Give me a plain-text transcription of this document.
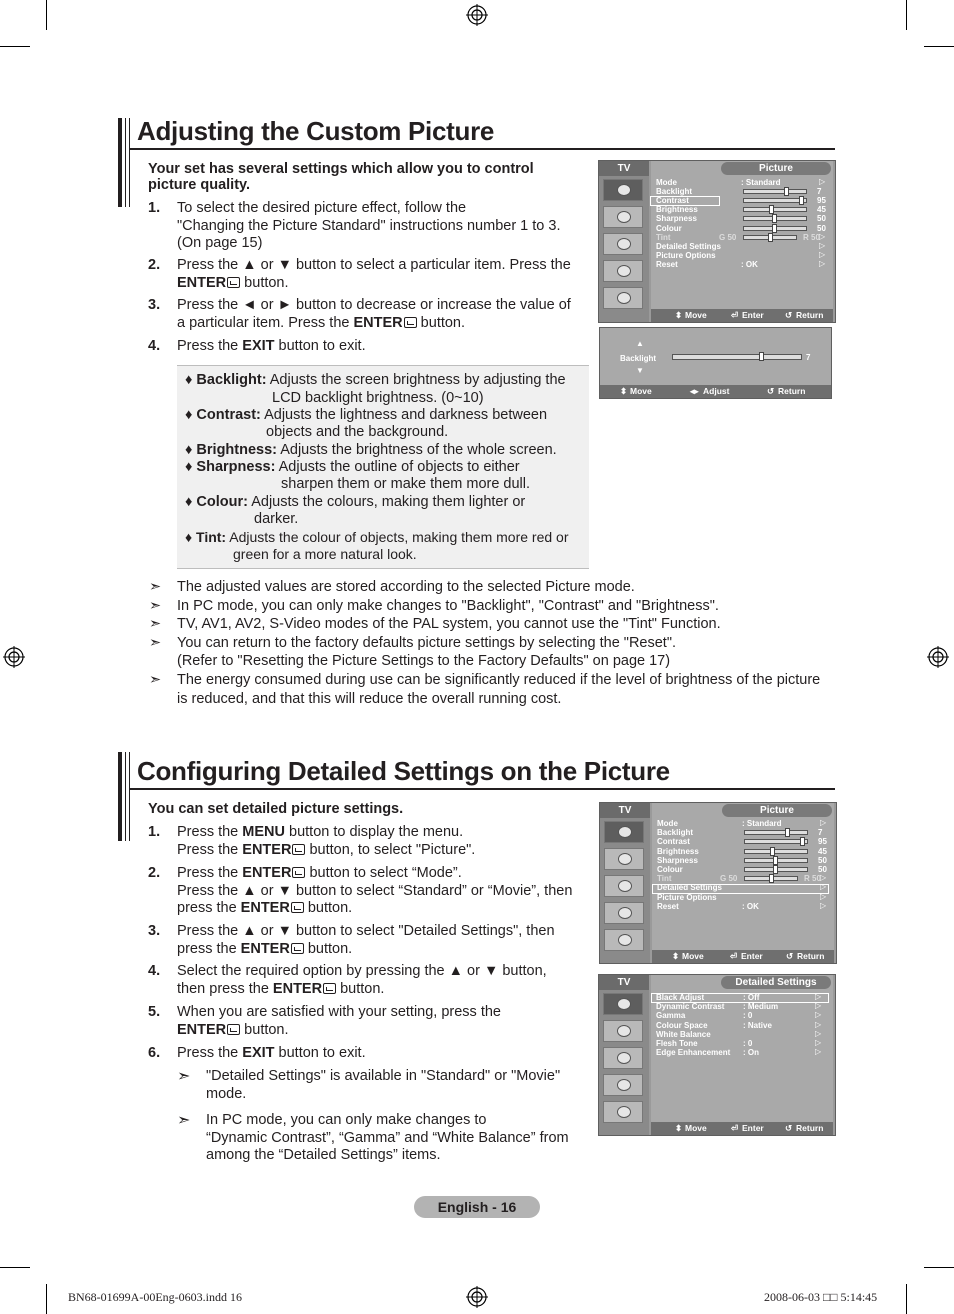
Adjusting the Custom Picture
Your set has several settings which allow you to control picture quality.
1. To select the desired picture effect, follow the
"Changing the Picture Standard" instructions number 1 to 3.
(On page 15)
2. Press the ▲ or ▼ button to select a particular item. Press the
ENTER button.
3. Press the ◄ or ► button to decrease or increase the value of
a particular item. Press the ENTER button.
4. Press the EXIT button to exit.
♦ Backlight: Adjusts the screen brightness by adjusting the
LCD backlight brightness. (0~10)
♦ Contrast: Adjusts the lightness and darkness between
objects and the background.
♦ Brightness: Adjusts the brightness of the whole screen.
♦ Sharpness: Adjusts the outline of objects to either
sharpen them or make them more dull.
♦ Colour: Adjusts the colours, making them lighter or
darker.
♦ Tint: Adjusts the colour of objects, making them more red or
green for a more natural look.
➣	The adjusted values are stored according to the selected Picture mode.
➣	In PC mode, you can only make changes to "Backlight", "Contrast" and "Brightness".
➣	TV, AV1, AV2, S-Video modes of the PAL system, you cannot use the "Tint" Function.
➣	You can return to the factory defaults picture settings by selecting the "Reset".
(Refer to "Resetting the Picture Settings to the Factory Defaults" on page 17)
➣	The energy consumed during use can be significantly reduced if the level of brightness of the picture
is reduced, and that this will reduce the overall running cost.
TV	Picture
Mode	: Standard	▷
Backlight	7
Contrast	95
Brightness	45
Sharpness	50
Colour	50
Tint	G 50	R 50 ▷
Detailed Settings	▷
Picture Options	▷
Reset	: OK	▷
⬍ Move	⏎ Enter	↺ Return
▲
Backlight
▼
7
⬍ Move	◂▸ Adjust	↺ Return
Configuring Detailed Settings on the Picture
You can set detailed picture settings.
1. Press the MENU button to display the menu.
Press the ENTER button, to select "Picture".
2. Press the ENTER button to select “Mode”.
Press the ▲ or ▼ button to select “Standard” or “Movie”, then
press the ENTER button.
3. Press the ▲ or ▼ button to select "Detailed Settings", then
press the ENTER button.
4. Select the required option by pressing the ▲ or ▼ button,
then press the ENTER button.
5. When you are satisfied with your setting, press the
ENTER button.
6. Press the EXIT button to exit.
➣	"Detailed Settings" is available in "Standard" or "Movie"
mode.
➣	In PC mode, you can only make changes to
“Dynamic Contrast”, “Gamma” and “White Balance” from
among the “Detailed Settings” items.
TV	Picture
Mode	: Standard	▷
Backlight	7
Contrast	95
Brightness	45
Sharpness	50
Colour	50
Tint	G 50	R 50 ▷
Detailed Settings	▷
Picture Options	▷
Reset	: OK	▷
⬍ Move	⏎ Enter	↺ Return
TV	Detailed Settings
Black Adjust	: Off	▷
Dynamic Contrast : Medium	▷
Gamma	: 0	▷
Colour Space	: Native	▷
White Balance	▷
Flesh Tone	: 0	▷
Edge Enhancement : On	▷
⬍ Move	⏎ Enter	↺ Return
English - 16
BN68-01699A-00Eng-0603.indd 16	2008-06-03 □□ 5:14:45
